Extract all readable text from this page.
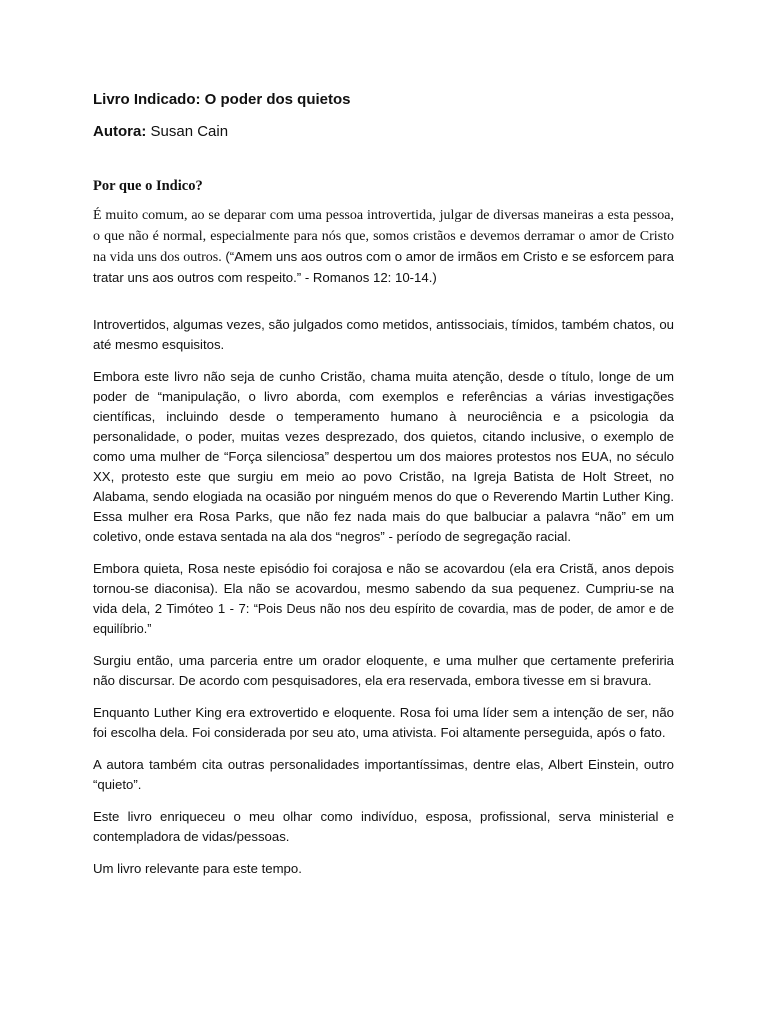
Livro Indicado: O poder dos quietos

Autora: Susan Cain

Por que o Indico?

É muito comum, ao se deparar com uma pessoa introvertida, julgar de diversas maneiras a esta pessoa, o que não é normal, especialmente para nós que, somos cristãos e devemos derramar o amor de Cristo na vida uns dos outros. (“Amem uns aos outros com o amor de irmãos em Cristo e se esforcem para tratar uns aos outros com respeito.” - Romanos 12: 10-14.)

Introvertidos, algumas vezes, são julgados como metidos, antissociais, tímidos, também chatos, ou até mesmo esquisitos.

Embora este livro não seja de cunho Cristão, chama muita atenção, desde o título, longe de um poder de “manipulação, o livro aborda, com exemplos e referências a várias investigações científicas, incluindo desde o temperamento humano à neurociência e a psicologia da personalidade, o poder, muitas vezes desprezado, dos quietos, citando inclusive, o exemplo de como uma mulher de “Força silenciosa” despertou um dos maiores protestos nos EUA, no século XX, protesto este que surgiu em meio ao povo Cristão, na Igreja Batista de Holt Street, no Alabama, sendo elogiada na ocasião por ninguém menos do que o Reverendo Martin Luther King. Essa mulher era Rosa Parks, que não fez nada mais do que balbuciar a palavra “não” em um coletivo, onde estava sentada na ala dos “negros” - período de segregação racial.

Embora quieta, Rosa neste episódio foi corajosa e não se acovardou (ela era Cristã, anos depois tornou-se diaconisa). Ela não se acovardou, mesmo sabendo da sua pequenez. Cumpriu-se na vida dela, 2 Timóteo 1 - 7: “Pois Deus não nos deu espírito de covardia, mas de poder, de amor e de equilíbrio.”

Surgiu então, uma parceria entre um orador eloquente, e uma mulher que certamente preferiria não discursar. De acordo com pesquisadores, ela era reservada, embora tivesse em si bravura.

Enquanto Luther King era extrovertido e eloquente. Rosa foi uma líder sem a intenção de ser, não foi escolha dela. Foi considerada por seu ato, uma ativista. Foi altamente perseguida, após o fato.

A autora também cita outras personalidades importantíssimas, dentre elas, Albert Einstein, outro “quieto”.

Este livro enriqueceu o meu olhar como indivíduo, esposa, profissional, serva ministerial e contempladora de vidas/pessoas.

Um livro relevante para este tempo.
